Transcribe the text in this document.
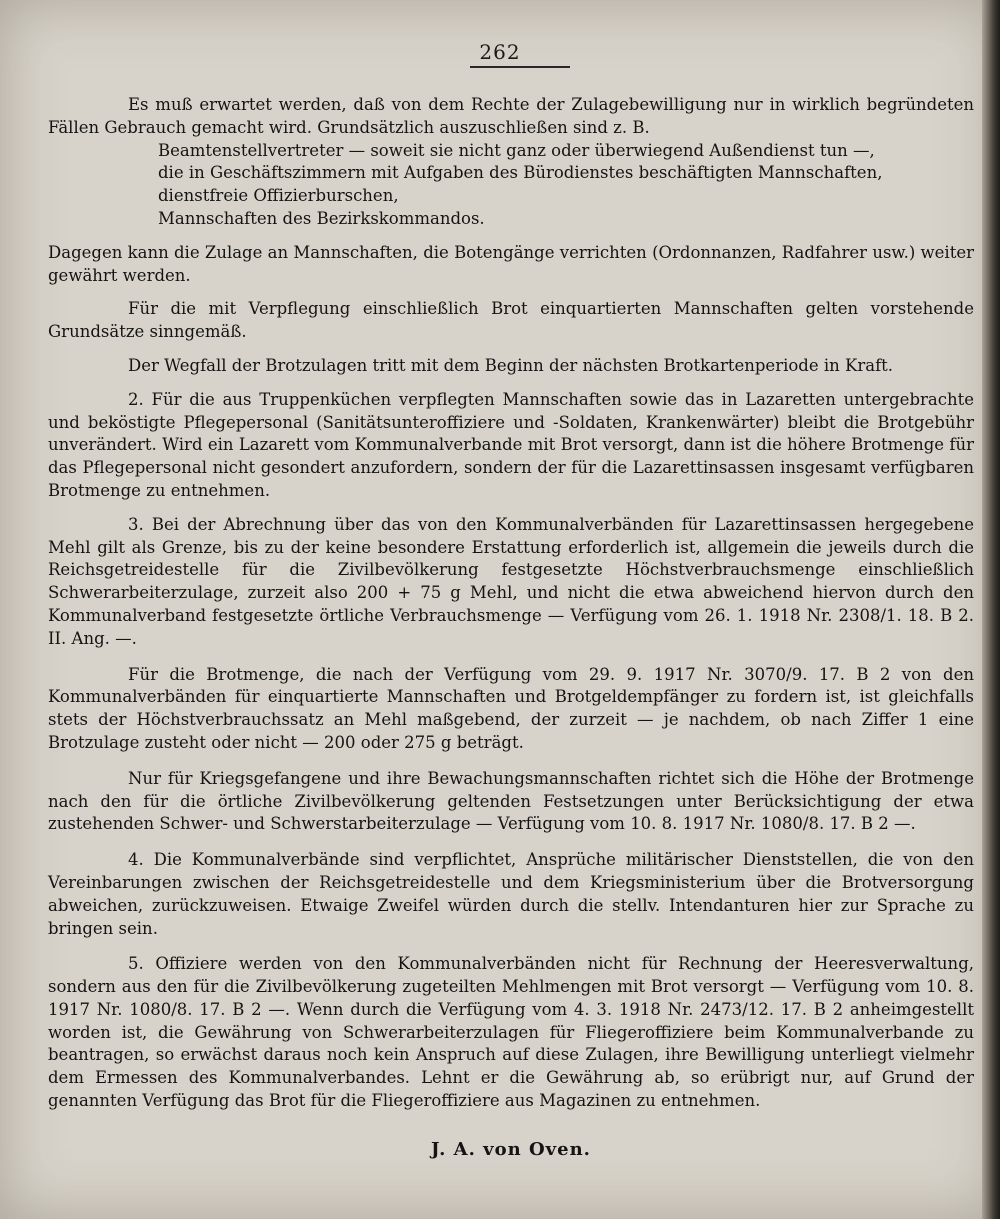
262

Es muß erwartet werden, daß von dem Rechte der Zulagebewilligung nur in wirklich begründeten Fällen Gebrauch gemacht wird. Grundsätzlich auszuschließen sind z. B.

Beamtenstellvertreter — soweit sie nicht ganz oder überwiegend Außendienst tun —,
die in Geschäftszimmern mit Aufgaben des Bürodienstes beschäftigten Mannschaften,
dienstfreie Offizierburschen,
Mannschaften des Bezirkskommandos.

Dagegen kann die Zulage an Mannschaften, die Botengänge verrichten (Ordonnanzen, Radfahrer usw.) weiter gewährt werden.

Für die mit Verpflegung einschließlich Brot einquartierten Mannschaften gelten vorstehende Grundsätze sinngemäß.

Der Wegfall der Brotzulagen tritt mit dem Beginn der nächsten Brotkartenperiode in Kraft.

2. Für die aus Truppenküchen verpflegten Mannschaften sowie das in Lazaretten untergebrachte und beköstigte Pflegepersonal (Sanitätsunteroffiziere und -Soldaten, Krankenwärter) bleibt die Brotgebühr unverändert. Wird ein Lazarett vom Kommunalverbande mit Brot versorgt, dann ist die höhere Brotmenge für das Pflegepersonal nicht gesondert anzufordern, sondern der für die Lazarettinsassen insgesamt verfügbaren Brotmenge zu entnehmen.

3. Bei der Abrechnung über das von den Kommunalverbänden für Lazarettinsassen hergegebene Mehl gilt als Grenze, bis zu der keine besondere Erstattung erforderlich ist, allgemein die jeweils durch die Reichsgetreidestelle für die Zivilbevölkerung festgesetzte Höchstverbrauchsmenge einschließlich Schwerarbeiterzulage, zurzeit also 200 + 75 g Mehl, und nicht die etwa abweichend hiervon durch den Kommunalverband festgesetzte örtliche Verbrauchsmenge — Verfügung vom 26. 1. 1918 Nr. 2308/1. 18. B 2. II. Ang. —.

Für die Brotmenge, die nach der Verfügung vom 29. 9. 1917 Nr. 3070/9. 17. B 2 von den Kommunalverbänden für einquartierte Mannschaften und Brotgeldempfänger zu fordern ist, ist gleichfalls stets der Höchstverbrauchssatz an Mehl maßgebend, der zurzeit — je nachdem, ob nach Ziffer 1 eine Brotzulage zusteht oder nicht — 200 oder 275 g beträgt.

Nur für Kriegsgefangene und ihre Bewachungsmannschaften richtet sich die Höhe der Brotmenge nach den für die örtliche Zivilbevölkerung geltenden Festsetzungen unter Berücksichtigung der etwa zustehenden Schwer- und Schwerstarbeiterzulage — Verfügung vom 10. 8. 1917 Nr. 1080/8. 17. B 2 —.

4. Die Kommunalverbände sind verpflichtet, Ansprüche militärischer Dienststellen, die von den Vereinbarungen zwischen der Reichsgetreidestelle und dem Kriegsministerium über die Brotversorgung abweichen, zurückzuweisen. Etwaige Zweifel würden durch die stellv. Intendanturen hier zur Sprache zu bringen sein.

5. Offiziere werden von den Kommunalverbänden nicht für Rechnung der Heeresverwaltung, sondern aus den für die Zivilbevölkerung zugeteilten Mehlmengen mit Brot versorgt — Verfügung vom 10. 8. 1917 Nr. 1080/8. 17. B 2 —. Wenn durch die Verfügung vom 4. 3. 1918 Nr. 2473/12. 17. B 2 anheimgestellt worden ist, die Gewährung von Schwerarbeiterzulagen für Fliegeroffiziere beim Kommunalverbande zu beantragen, so erwächst daraus noch kein Anspruch auf diese Zulagen, ihre Bewilligung unterliegt vielmehr dem Ermessen des Kommunalverbandes. Lehnt er die Gewährung ab, so erübrigt nur, auf Grund der genannten Verfügung das Brot für die Fliegeroffiziere aus Magazinen zu entnehmen.

J. A. von Oven.
